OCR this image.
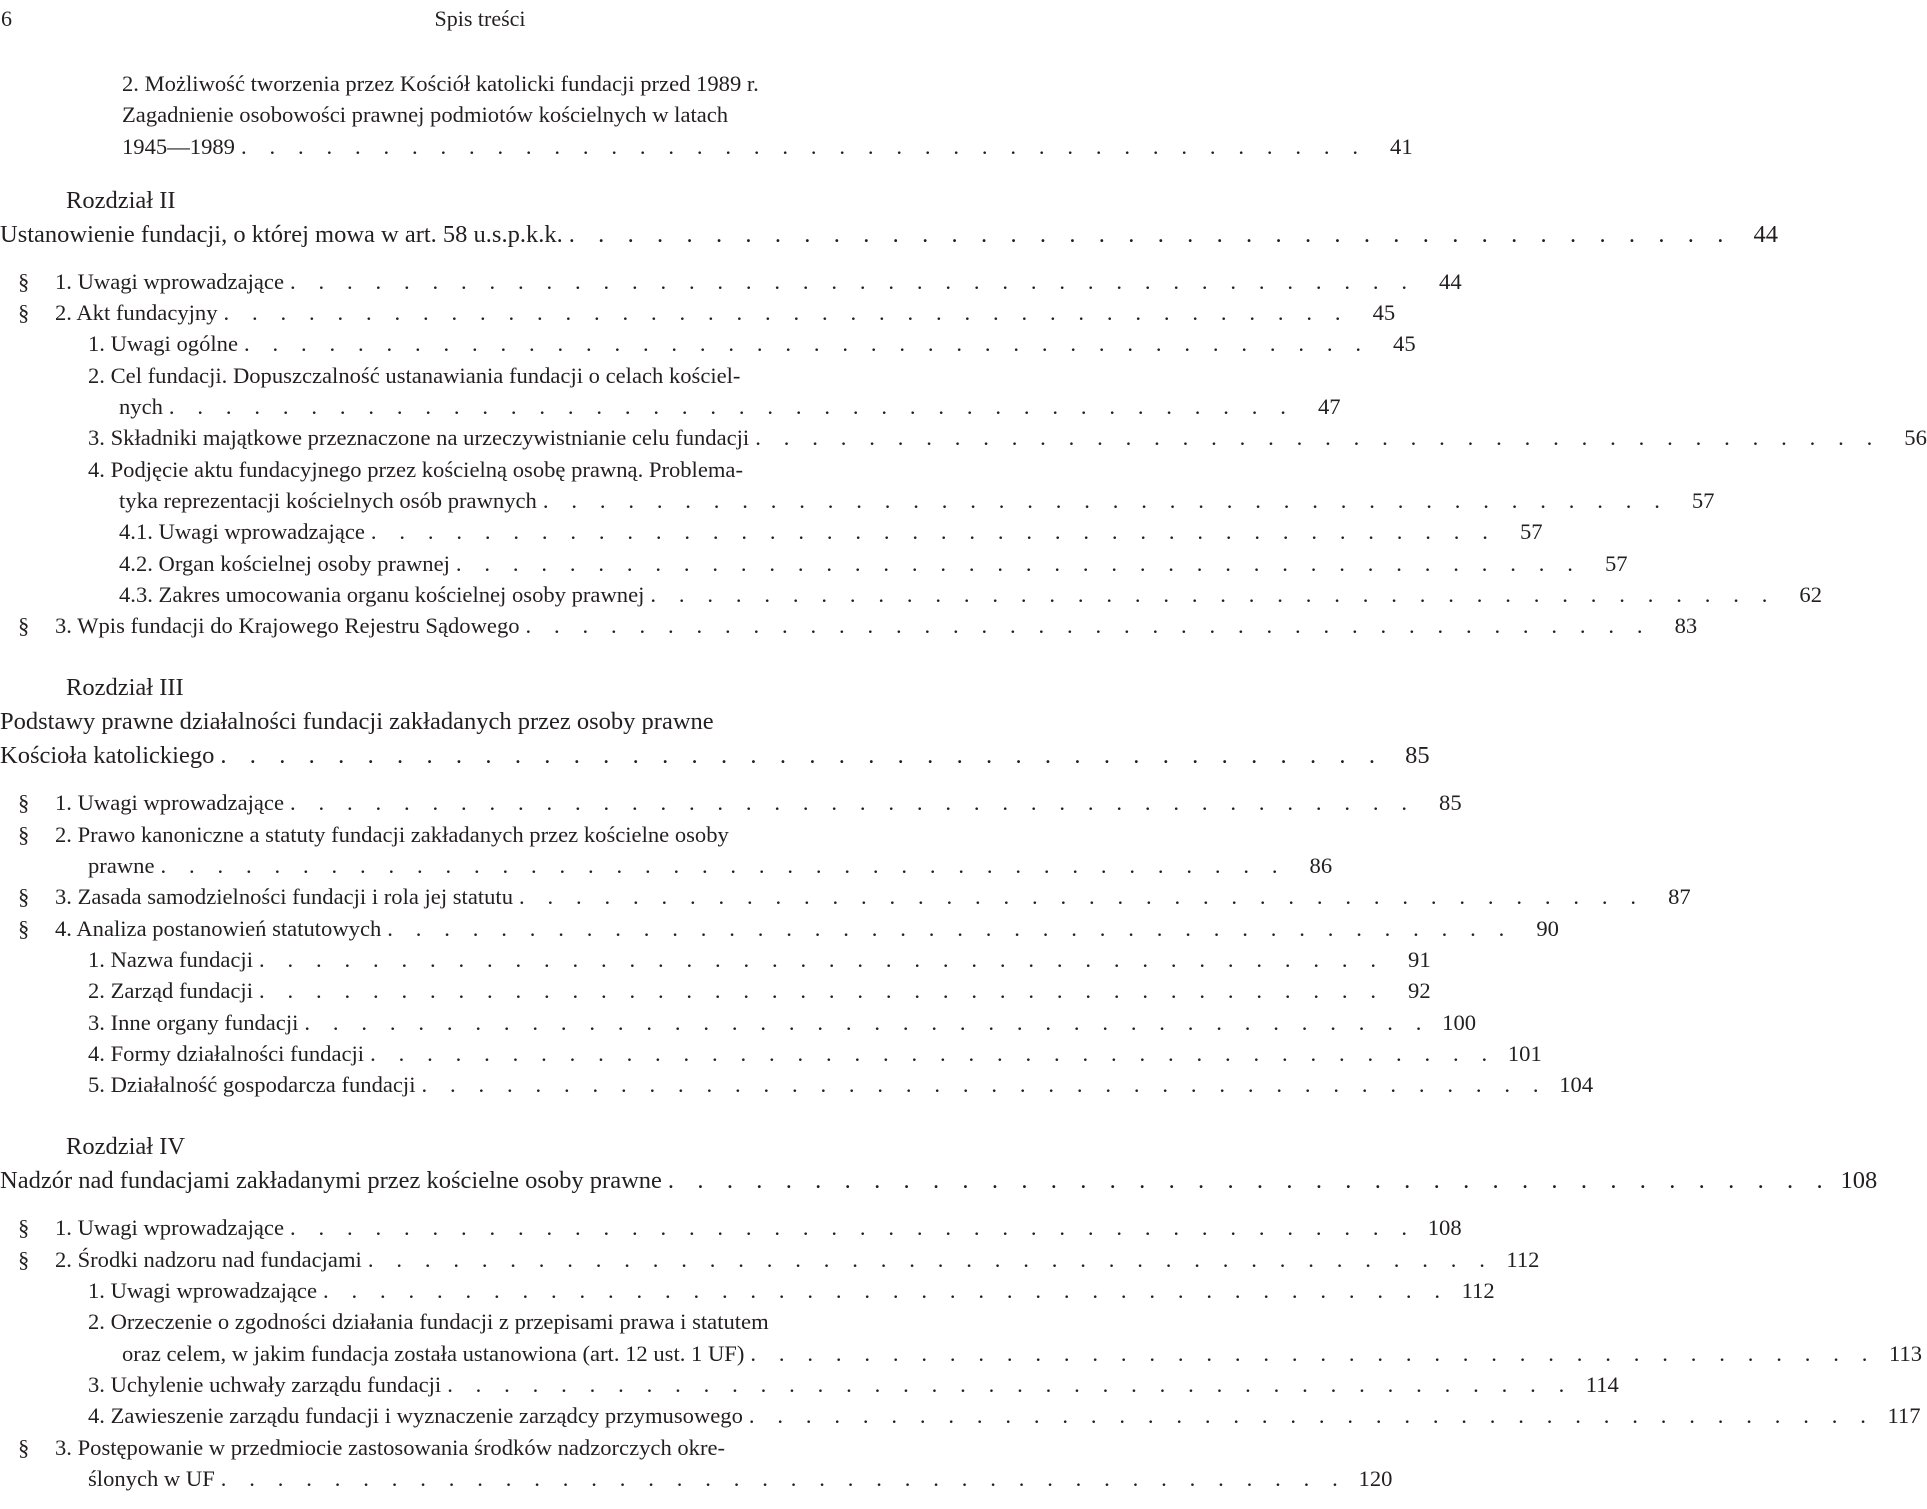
6	Spis treści
2. Możliwość tworzenia przez Kościół katolicki fundacji przed 1989 r.
Zagadnienie osobowości prawnej podmiotów kościelnych w latach
1945—1989 . . . . . . . . . . . . . . . . . . . . . . . . . . . . . . . . . . . . . . . .	41
Rozdział II
Ustanowienie fundacji, o której mowa w art. 58 u.s.p.k.k. . . . . . . . . . . . . . . . . . . . . . . . . . . . . . . . . . . . . . . . . 44
§	1. Uwagi wprowadzające . . . . . . . . . . . . . . . . . . . . . . . . . . . . . . . . . . . . . . . .	44
§	2. Akt fundacyjny . . . . . . . . . . . . . . . . . . . . . . . . . . . . . . . . . . . . . . . .	45
1. Uwagi ogólne . . . . . . . . . . . . . . . . . . . . . . . . . . . . . . . . . . . . . . . .	45
2. Cel fundacji. Dopuszczalność ustanawiania fundacji o celach kościel-
nych . . . . . . . . . . . . . . . . . . . . . . . . . . . . . . . . . . . . . . . .	47
3. Składniki majątkowe przeznaczone na urzeczywistnianie celu fundacji . . . . . . . . . . . . . . . . . . . . . . . . . . . . . . . . . . . . . . . .	56
4. Podjęcie aktu fundacyjnego przez kościelną osobę prawną. Problema-
tyka reprezentacji kościelnych osób prawnych . . . . . . . . . . . . . . . . . . . . . . . . . . . . . . . . . . . . . . . .	57
4.1. Uwagi wprowadzające . . . . . . . . . . . . . . . . . . . . . . . . . . . . . . . . . . . . . . . .	57
4.2. Organ kościelnej osoby prawnej . . . . . . . . . . . . . . . . . . . . . . . . . . . . . . . . . . . . . . . .	57
4.3. Zakres umocowania organu kościelnej osoby prawnej . . . . . . . . . . . . . . . . . . . . . . . . . . . . . . . . . . . . . . . .	62
§	3. Wpis fundacji do Krajowego Rejestru Sądowego . . . . . . . . . . . . . . . . . . . . . . . . . . . . . . . . . . . . . . . .	83
Rozdział III
Podstawy prawne działalności fundacji zakładanych przez osoby prawne
Kościoła katolickiego . . . . . . . . . . . . . . . . . . . . . . . . . . . . . . . . . . . . . . . . 85
§	1. Uwagi wprowadzające . . . . . . . . . . . . . . . . . . . . . . . . . . . . . . . . . . . . . . . .	85
§	2. Prawo kanoniczne a statuty fundacji zakładanych przez kościelne osoby
prawne . . . . . . . . . . . . . . . . . . . . . . . . . . . . . . . . . . . . . . . .	86
§	3. Zasada samodzielności fundacji i rola jej statutu . . . . . . . . . . . . . . . . . . . . . . . . . . . . . . . . . . . . . . . .	87
§	4. Analiza postanowień statutowych . . . . . . . . . . . . . . . . . . . . . . . . . . . . . . . . . . . . . . . .	90
1. Nazwa fundacji . . . . . . . . . . . . . . . . . . . . . . . . . . . . . . . . . . . . . . . .	91
2. Zarząd fundacji . . . . . . . . . . . . . . . . . . . . . . . . . . . . . . . . . . . . . . . .	92
3. Inne organy fundacji . . . . . . . . . . . . . . . . . . . . . . . . . . . . . . . . . . . . . . . . 100
4. Formy działalności fundacji . . . . . . . . . . . . . . . . . . . . . . . . . . . . . . . . . . . . . . . . 101
5. Działalność gospodarcza fundacji . . . . . . . . . . . . . . . . . . . . . . . . . . . . . . . . . . . . . . . . 104
Rozdział IV
Nadzór nad fundacjami zakładanymi przez kościelne osoby prawne . . . . . . . . . . . . . . . . . . . . . . . . . . . . . . . . . . . . . . . . 108
§	1. Uwagi wprowadzające . . . . . . . . . . . . . . . . . . . . . . . . . . . . . . . . . . . . . . . . 108
§	2. Środki nadzoru nad fundacjami . . . . . . . . . . . . . . . . . . . . . . . . . . . . . . . . . . . . . . . . 112
1. Uwagi wprowadzające . . . . . . . . . . . . . . . . . . . . . . . . . . . . . . . . . . . . . . . . 112
2. Orzeczenie o zgodności działania fundacji z przepisami prawa i statutem
oraz celem, w jakim fundacja została ustanowiona (art. 12 ust. 1 UF) . . . . . . . . . . . . . . . . . . . . . . . . . . . . . . . . . . . . . . . . 113
3. Uchylenie uchwały zarządu fundacji . . . . . . . . . . . . . . . . . . . . . . . . . . . . . . . . . . . . . . . . 114
4. Zawieszenie zarządu fundacji i wyznaczenie zarządcy przymusowego . . . . . . . . . . . . . . . . . . . . . . . . . . . . . . . . . . . . . . . . 117
§	3. Postępowanie w przedmiocie zastosowania środków nadzorczych okre-
ślonych w UF . . . . . . . . . . . . . . . . . . . . . . . . . . . . . . . . . . . . . . . . 120
